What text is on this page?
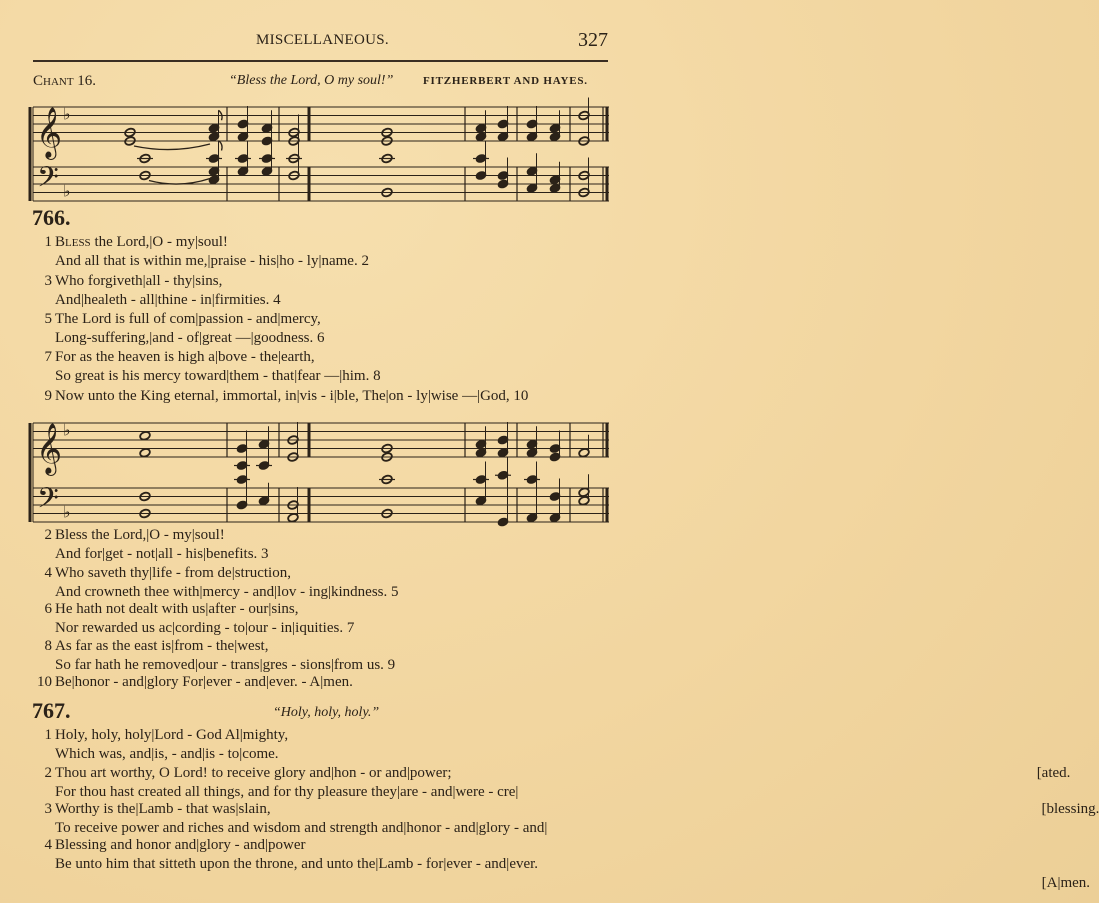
MISCELLANEOUS.	327
Chant 16.	“Bless the Lord, O my soul!”	FITZHERBERT AND HAYES.
𝄞
𝄢
♭
♭
766.
1 Bless the Lord,|O - my|soul!
And all that is within me,|praise - his|ho - ly|name. 2
3 Who forgiveth|all - thy|sins,
And|healeth - all|thine - in|firmities. 4
5 The Lord is full of com|passion - and|mercy,
Long-suffering,|and - of|great —|goodness. 6
7 For as the heaven is high a|bove - the|earth,
So great is his mercy toward|them - that|fear —|him. 8
9 Now unto the King eternal, immortal, in|vis - i|ble, The|on - ly|wise —|God, 10
𝄞
𝄢
♭
♭
2 Bless the Lord,|O - my|soul!
And for|get - not|all - his|benefits. 3
4 Who saveth thy|life - from de|struction,
And crowneth thee with|mercy - and|lov - ing|kindness. 5
6 He hath not dealt with us|after - our|sins,
Nor rewarded us ac|cording - to|our - in|iquities. 7
8 As far as the east is|from - the|west,
So far hath he removed|our - trans|gres - sions|from us. 9
10 Be|honor - and|glory For|ever - and|ever. - A|men.
767.	“Holy, holy, holy.”
1 Holy, holy, holy|Lord - God Al|mighty,
Which was, and|is, - and|is - to|come.
2 Thou art worthy, O Lord! to receive glory and|hon - or and|power;
For thou hast created all things, and for thy pleasure they|are - and|were - cre|
[ated.
3 Worthy is the|Lamb - that was|slain,
To receive power and riches and wisdom and strength and|honor - and|glory - and|
[blessing.
4 Blessing and honor and|glory - and|power
Be unto him that sitteth upon the throne, and unto the|Lamb - for|ever - and|ever.
[A|men.
